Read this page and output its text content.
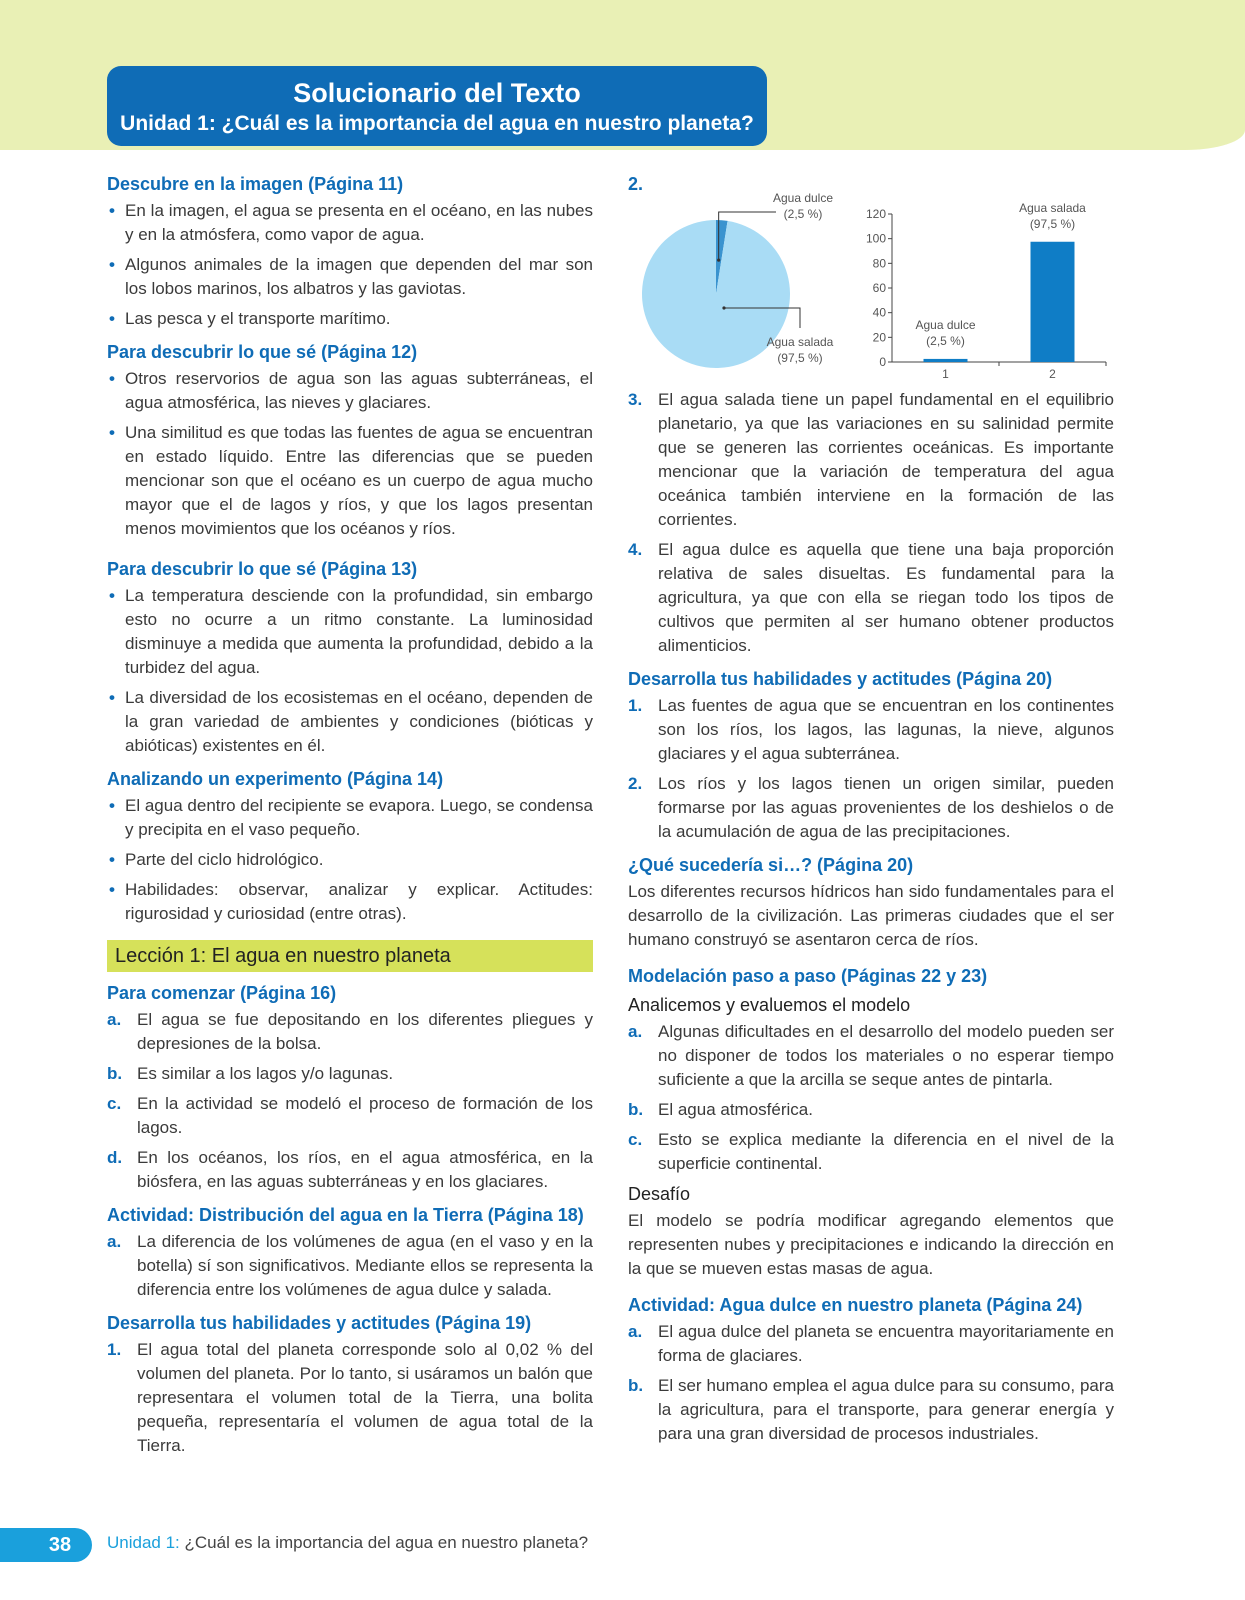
Solucionario del Texto
Unidad 1: ¿Cuál es la importancia del agua en nuestro planeta?
Descubre en la imagen (Página 11)
• En la imagen, el agua se presenta en el océano, en las nubes y en la atmósfera, como vapor de agua.
• Algunos animales de la imagen que dependen del mar son los lobos marinos, los albatros y las gaviotas.
• Las pesca y el transporte marítimo.
Para descubrir lo que sé (Página 12)
• Otros reservorios de agua son las aguas subterráneas, el agua atmosférica, las nieves y glaciares.
• Una similitud es que todas las fuentes de agua se encuentran en estado líquido. Entre las diferencias que se pueden mencionar son que el océano es un cuerpo de agua mucho mayor que el de lagos y ríos, y que los lagos presentan menos movimientos que los océanos y ríos.
Para descubrir lo que sé (Página 13)
• La temperatura desciende con la profundidad, sin embargo esto no ocurre a un ritmo constante. La luminosidad disminuye a medida que aumenta la profundidad, debido a la turbidez del agua.
• La diversidad de los ecosistemas en el océano, dependen de la gran variedad de ambientes y condiciones (bióticas y abióticas) existentes en él.
Analizando un experimento (Página 14)
• El agua dentro del recipiente se evapora. Luego, se condensa y precipita en el vaso pequeño.
• Parte del ciclo hidrológico.
• Habilidades: observar, analizar y explicar. Actitudes: rigurosidad y curiosidad (entre otras).
Lección 1: El agua en nuestro planeta
Para comenzar (Página 16)
a. El agua se fue depositando en los diferentes pliegues y depresiones de la bolsa.
b. Es similar a los lagos y/o lagunas.
c. En la actividad se modeló el proceso de formación de los lagos.
d. En los océanos, los ríos, en el agua atmosférica, en la biósfera, en las aguas subterráneas y en los glaciares.
Actividad: Distribución del agua en la Tierra (Página 18)
a. La diferencia de los volúmenes de agua (en el vaso y en la botella) sí son significativos. Mediante ellos se representa la diferencia entre los volúmenes de agua dulce y salada.
Desarrolla tus habilidades y actitudes (Página 19)
1. El agua total del planeta corresponde solo al 0,02 % del volumen del planeta. Por lo tanto, si usáramos un balón que representara el volumen total de la Tierra, una bolita pequeña, representaría el volumen de agua total de la Tierra.
2.
Agua dulce
(2,5 %)
Agua salada
(97,5 %)	0
20
40
60
80
100
120
1
Agua dulce
(2,5 %)
2
Agua salada
(97,5 %)
3. El agua salada tiene un papel fundamental en el equilibrio planetario, ya que las variaciones en su salinidad permite que se generen las corrientes oceánicas. Es importante mencionar que la variación de temperatura del agua oceánica también interviene en la formación de las corrientes.
4. El agua dulce es aquella que tiene una baja proporción relativa de sales disueltas. Es fundamental para la agricultura, ya que con ella se riegan todo los tipos de cultivos que permiten al ser humano obtener productos alimenticios.
Desarrolla tus habilidades y actitudes (Página 20)
1. Las fuentes de agua que se encuentran en los continentes son los ríos, los lagos, las lagunas, la nieve, algunos glaciares y el agua subterránea.
2. Los ríos y los lagos tienen un origen similar, pueden formarse por las aguas provenientes de los deshielos o de la acumulación de agua de las precipitaciones.
¿Qué sucedería si…? (Página 20)
Los diferentes recursos hídricos han sido fundamentales para el desarrollo de la civilización. Las primeras ciudades que el ser humano construyó se asentaron cerca de ríos.
Modelación paso a paso (Páginas 22 y 23)
Analicemos y evaluemos el modelo
a. Algunas dificultades en el desarrollo del modelo pueden ser no disponer de todos los materiales o no esperar tiempo suficiente a que la arcilla se seque antes de pintarla.
b. El agua atmosférica.
c. Esto se explica mediante la diferencia en el nivel de la superficie continental.
Desafío
El modelo se podría modificar agregando elementos que representen nubes y precipitaciones e indicando la dirección en la que se mueven estas masas de agua.
Actividad: Agua dulce en nuestro planeta (Página 24)
a. El agua dulce del planeta se encuentra mayoritariamente en forma de glaciares.
b. El ser humano emplea el agua dulce para su consumo, para la agricultura, para el transporte, para generar energía y para una gran diversidad de procesos industriales.
38	Unidad 1: ¿Cuál es la importancia del agua en nuestro planeta?
